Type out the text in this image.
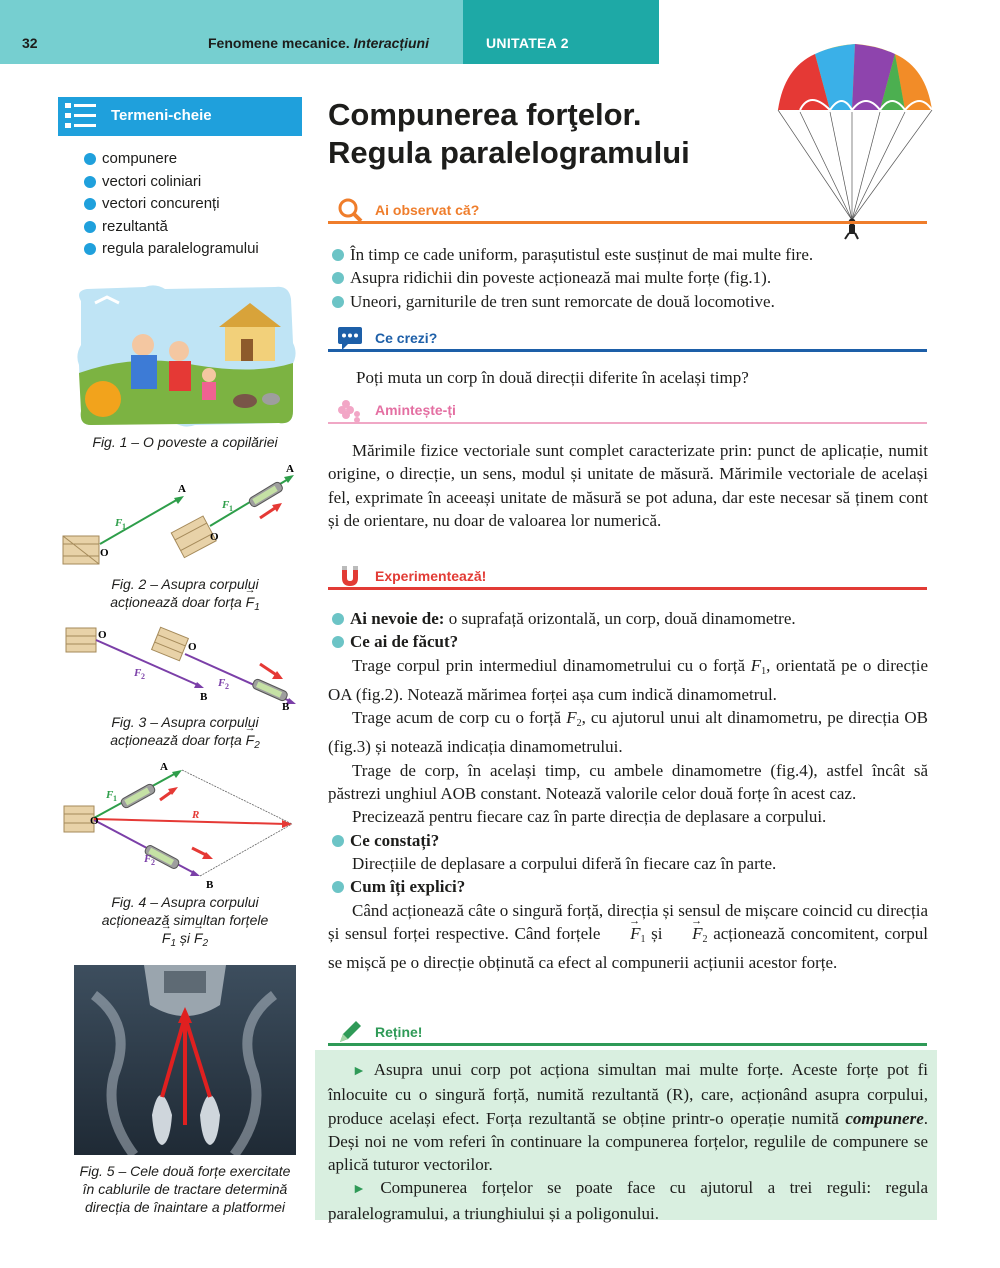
32	Fenomene mecanice. Interacțiuni	UNITATEA 2
Termeni-cheie
compunere
vectori coliniari
vectori concurenți
rezultantă
regula paralelogramului
Fig. 1 – O poveste a copilăriei
A
O
F 1
A
O
F 1
Fig. 2 – Asupra corpului
acționează doar forța → $F_1$
O
B
F 2
O
B
F 2
Fig. 3 – Asupra corpului
acționează doar forța → $F_2$
A
B
O	R
F 1
F 2
Fig. 4 – Asupra corpului
acționează simultan forțele
→ $F_1$ și → $F_2$
Fig. 5 – Cele două forțe exercitate
în cablurile de tractare determină
direcția de înaintare a platformei
Compunerea forţelor.
Regula paralelogramului
Ai observat că?

În timp ce cade uniform, parașutistul este susținut de mai multe fire.

Asupra ridichii din poveste acționează mai multe forțe (fig.1).

Uneori, garniturile de tren sunt remorcate de două locomotive.

Ce crezi?

Poți muta un corp în două direcții diferite în același timp?

Amintește-ți

Mărimile fizice vectoriale sunt complet caracterizate prin: punct de aplicație, numit origine, o direcție, un sens, modul și unitate de măsură. Mărimile vectoriale de același fel, exprimate în aceeași unitate de măsură se pot aduna, dar este necesar să ținem cont și de orientare, nu doar de valoarea lor numerică.

Experimentează!

Ai nevoie de: o suprafață orizontală, un corp, două dinamometre.

Ce ai de făcut?

Trage corpul prin intermediul dinamometrului cu o forță $F_1$, orientată pe o direcție OA (fig.2). Notează mărimea forței așa cum indică dinamometrul.

Trage acum de corp cu o forță $F_2$, cu ajutorul unui alt dinamometru, pe direcția OB (fig.3) și notează indicația dinamometrului.

Trage de corp, în același timp, cu ambele dinamometre (fig.4), astfel încât să păstrezi unghiul AOB constant. Notează valorile celor două forțe în acest caz.

Precizează pentru fiecare caz în parte direcția de deplasare a corpului.

Ce constați?

Direcțiile de deplasare a corpului diferă în fiecare caz în parte.

Cum îți explici?

Când acționează câte o singură forță, direcția și sensul de mișcare coincid cu direcția și sensul forței respective. Când forțele → $F_1$ și → $F_2$ acționează concomitent, corpul se mișcă pe o direcție obținută ca efect al compunerii acțiunii acestor forțe.

Reține!

► Asupra unui corp pot acționa simultan mai multe forțe. Aceste forțe pot fi înlocuite cu o singură forță, numită rezultantă (R), care, acționând asupra corpului, produce același efect. Forța rezultantă se obține printr-o operație numită compunere. Deși noi ne vom referi în continuare la compunerea forțelor, regulile de compunere se aplică tuturor vectorilor.

► Compunerea forțelor se poate face cu ajutorul a trei reguli: regula paralelogramului, a triunghiului și a poligonului.
